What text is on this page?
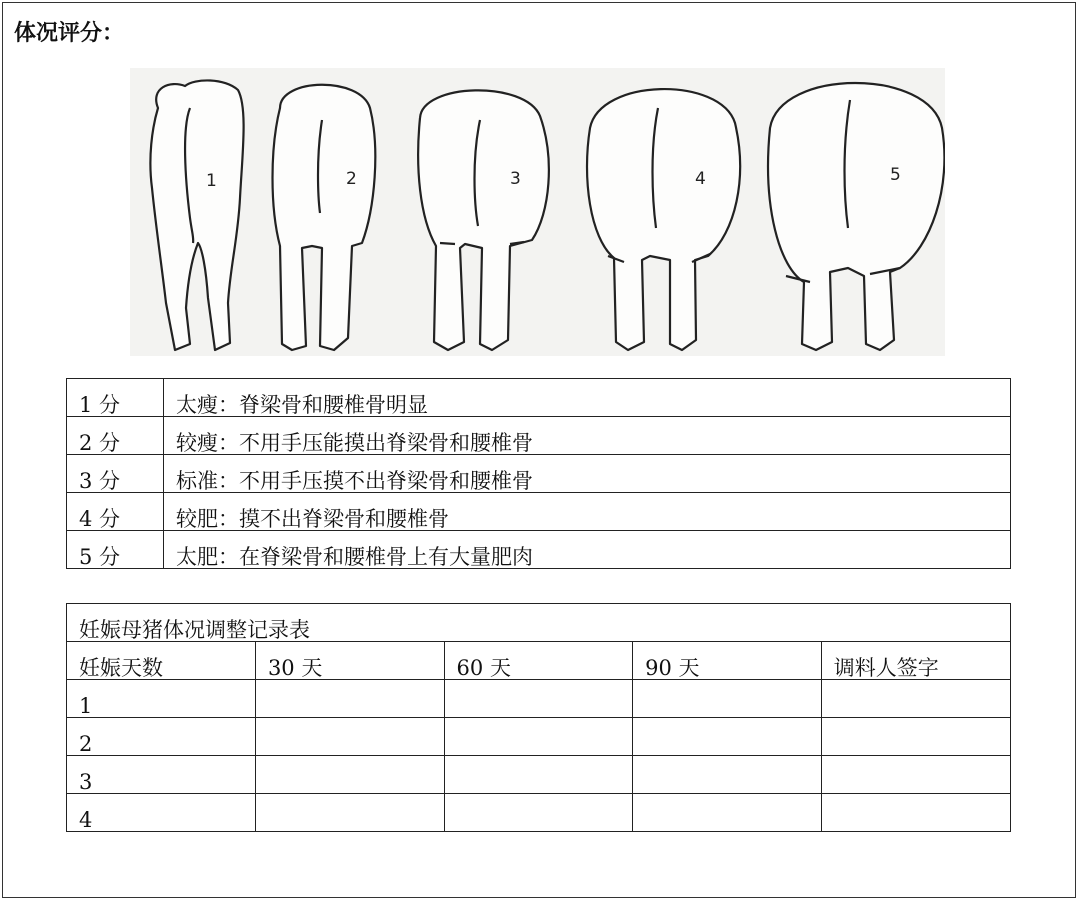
体况评分：
1	2	3	4	5
1 分	太瘦：脊梁骨和腰椎骨明显
2 分	较瘦：不用手压能摸出脊梁骨和腰椎骨
3 分	标准：不用手压摸不出脊梁骨和腰椎骨
4 分	较肥：摸不出脊梁骨和腰椎骨
5 分	太肥：在脊梁骨和腰椎骨上有大量肥肉
妊娠母猪体况调整记录表				
妊娠天数	30 天	60 天	90 天	调料人签字
1				
2				
3				
4				
